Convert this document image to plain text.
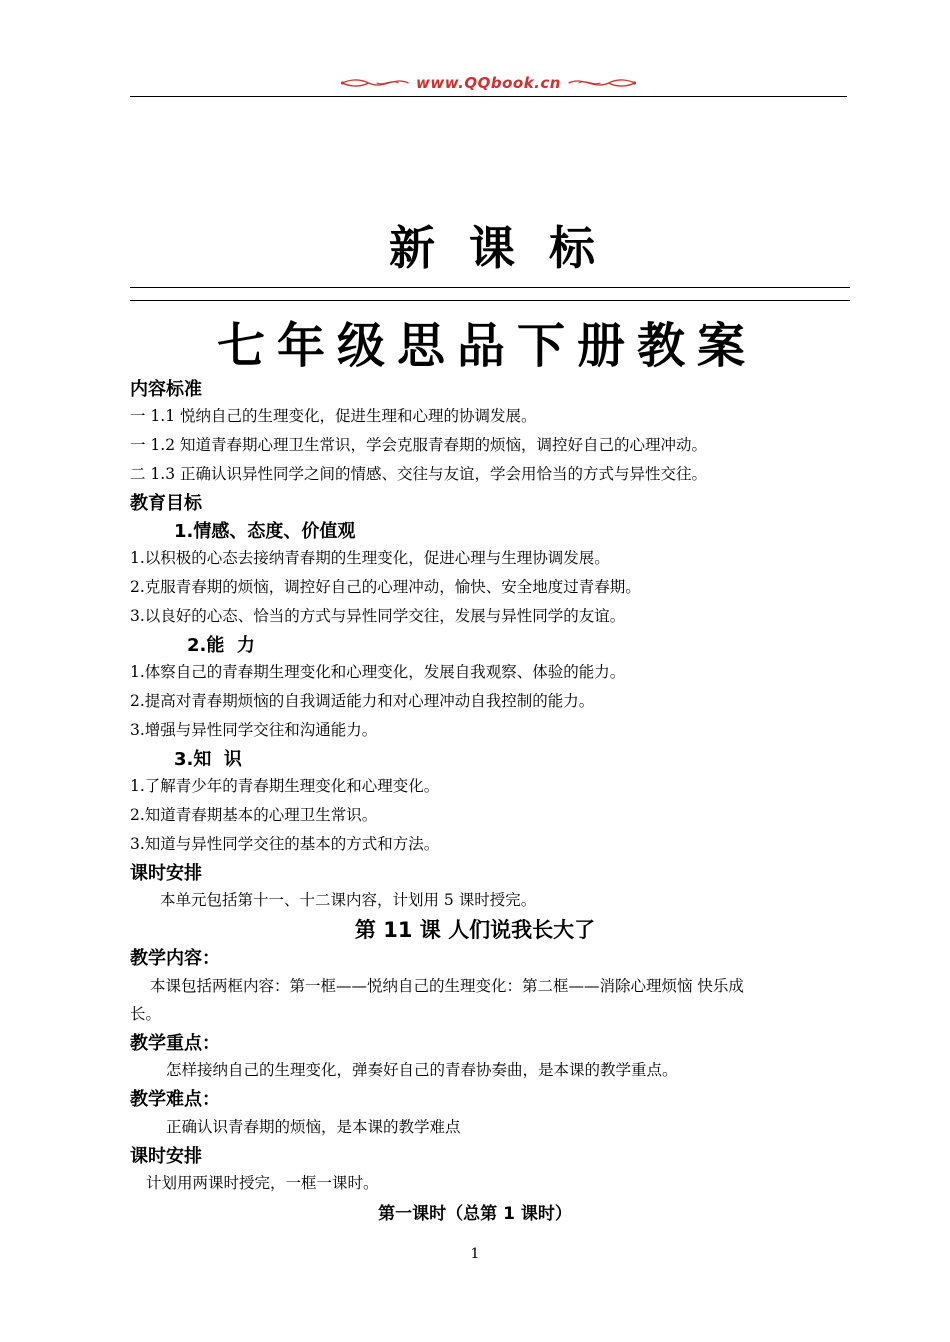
www.QQbook.cn
新课标
七年级思品下册教案
内容标准
一 1.1 悦纳自己的生理变化，促进生理和心理的协调发展。
一 1.2 知道青春期心理卫生常识，学会克服青春期的烦恼，调控好自己的心理冲动。
二 1.3 正确认识异性同学之间的情感、交往与友谊，学会用恰当的方式与异性交往。
教育目标
1.情感、态度、价值观
1.以积极的心态去接纳青春期的生理变化，促进心理与生理协调发展。
2.克服青春期的烦恼，调控好自己的心理冲动，愉快、安全地度过青春期。
3.以良好的心态、恰当的方式与异性同学交往，发展与异性同学的友谊。
2.能  力
1.体察自己的青春期生理变化和心理变化，发展自我观察、体验的能力。
2.提高对青春期烦恼的自我调适能力和对心理冲动自我控制的能力。
3.增强与异性同学交往和沟通能力。
3.知  识
1.了解青少年的青春期生理变化和心理变化。
2.知道青春期基本的心理卫生常识。
3.知道与异性同学交往的基本的方式和方法。
课时安排
本单元包括第十一、十二课内容，计划用 5 课时授完。
第 11 课 人们说我长大了
教学内容：
本课包括两框内容：第一框——悦纳自己的生理变化：第二框——消除心理烦恼 快乐成
长。
教学重点：
怎样接纳自己的生理变化，弹奏好自己的青春协奏曲，是本课的教学重点。
教学难点：
正确认识青春期的烦恼，是本课的教学难点
课时安排
计划用两课时授完，一框一课时。
第一课时（总第 1 课时）
1
